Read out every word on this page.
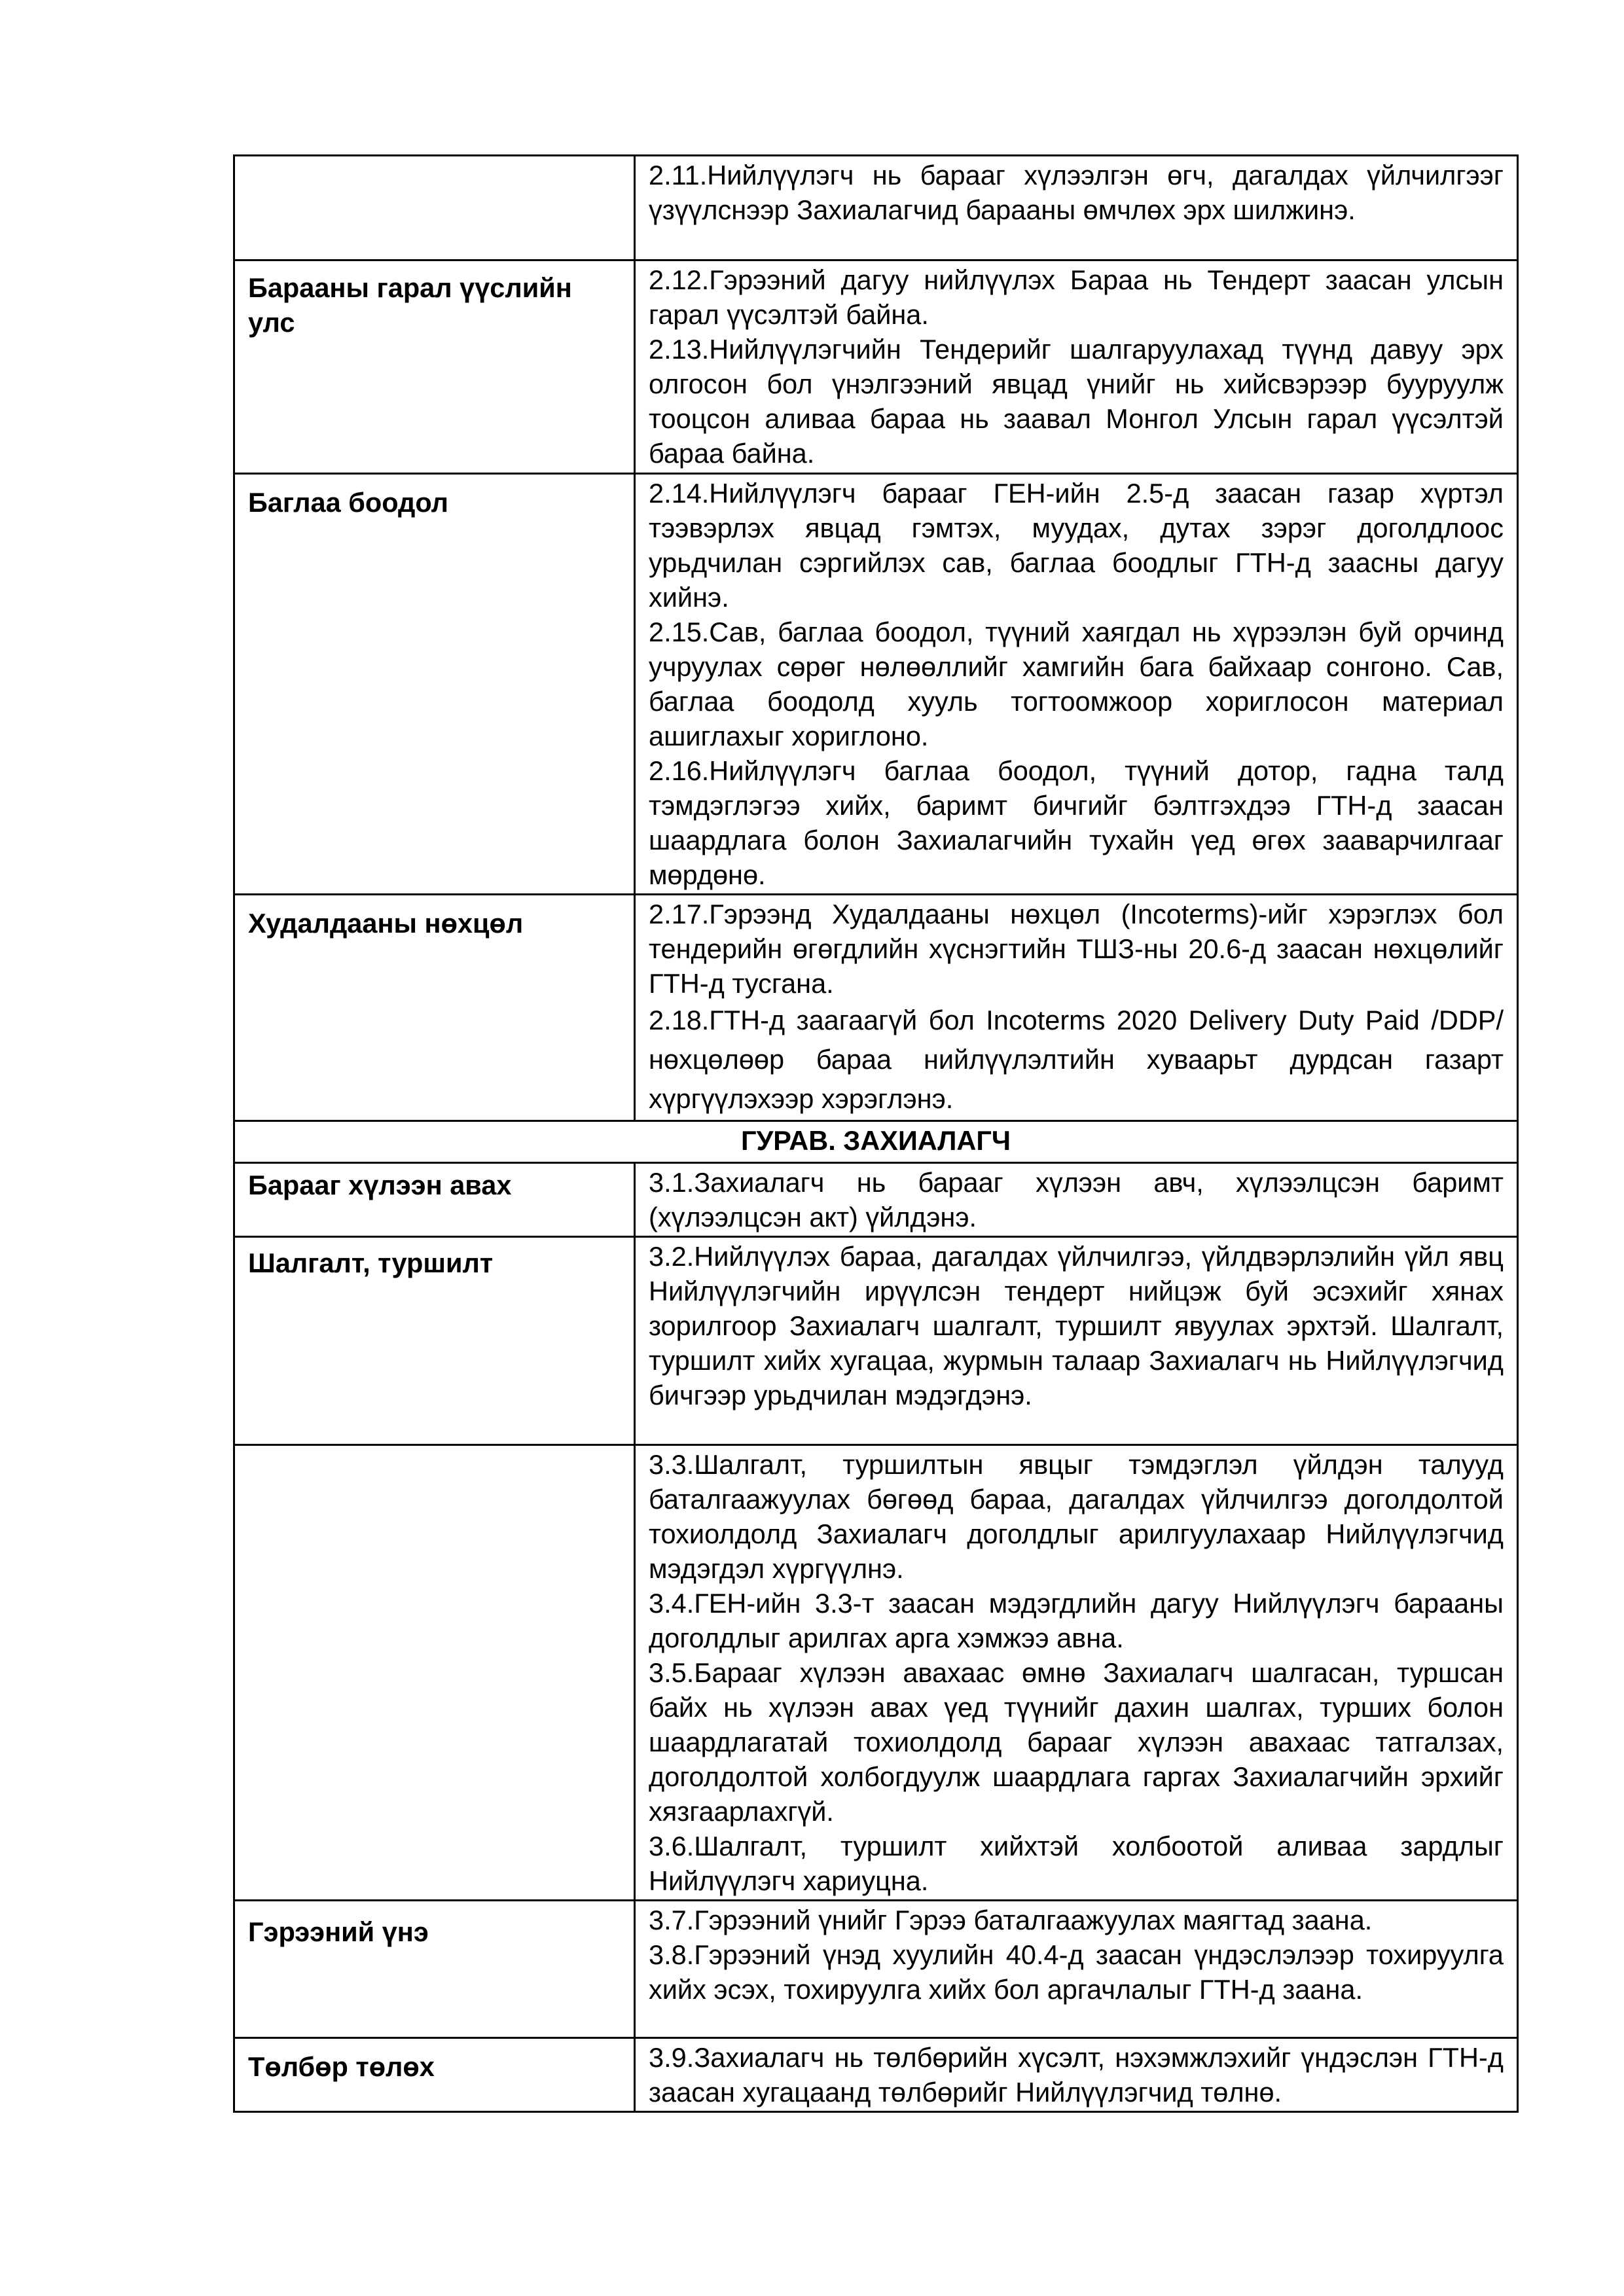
	2.11.Нийлүүлэгч нь барааг хүлээлгэн өгч, дагалдах үйлчилгээг үзүүлснээр Захиалагчид барааны өмчлөх эрх шилжинэ.

Барааны гарал үүслийн улс	2.12.Гэрээний дагуу нийлүүлэх Бараа нь Тендерт заасан улсын гарал үүсэлтэй байна.

2.13.Нийлүүлэгчийн Тендерийг шалгаруулахад түүнд давуу эрх олгосон бол үнэлгээний явцад үнийг нь хийсвэрээр бууруулж тооцсон аливаа бараа нь заавал Монгол Улсын гарал үүсэлтэй бараа байна.

Баглаа боодол	2.14.Нийлүүлэгч барааг ГЕН-ийн 2.5-д заасан газар хүртэл тээвэрлэх явцад гэмтэх, муудах, дутах зэрэг доголдлоос урьдчилан сэргийлэх сав, баглаа боодлыг ГТН-д заасны дагуу хийнэ.

2.15.Сав, баглаа боодол, түүний хаягдал нь хүрээлэн буй орчинд учруулах сөрөг нөлөөллийг хамгийн бага байхаар сонгоно. Сав, баглаа боодолд хууль тогтоомжоор хориглосон материал ашиглахыг хориглоно.

2.16.Нийлүүлэгч баглаа боодол, түүний дотор, гадна талд тэмдэглэгээ хийх, баримт бичгийг бэлтгэхдээ ГТН-д заасан шаардлага болон Захиалагчийн тухайн үед өгөх зааварчилгааг мөрдөнө.

Худалдааны нөхцөл	2.17.Гэрээнд Худалдааны нөхцөл (Incoterms)-ийг хэрэглэх бол тендерийн өгөгдлийн хүснэгтийн ТШЗ-ны 20.6-д заасан нөхцөлийг ГТН-д тусгана.

2.18.ГТН-д заагаагүй бол Incoterms 2020 Delivery Duty Paid /DDP/ нөхцөлөөр бараа нийлүүлэлтийн хуваарьт дурдсан газарт хүргүүлэхээр хэрэглэнэ.

ГУРАВ. ЗАХИАЛАГЧ	
Барааг хүлээн авах	3.1.Захиалагч нь барааг хүлээн авч, хүлээлцсэн баримт (хүлээлцсэн акт) үйлдэнэ.

Шалгалт, туршилт	3.2.Нийлүүлэх бараа, дагалдах үйлчилгээ, үйлдвэрлэлийн үйл явц Нийлүүлэгчийн ирүүлсэн тендерт нийцэж буй эсэхийг хянах зорилгоор Захиалагч шалгалт, туршилт явуулах эрхтэй. Шалгалт, туршилт хийх хугацаа, журмын талаар Захиалагч нь Нийлүүлэгчид бичгээр урьдчилан мэдэгдэнэ.

	3.3.Шалгалт, туршилтын явцыг тэмдэглэл үйлдэн талууд баталгаажуулах бөгөөд бараа, дагалдах үйлчилгээ доголдолтой тохиолдолд Захиалагч доголдлыг арилгуулахаар Нийлүүлэгчид мэдэгдэл хүргүүлнэ.

3.4.ГЕН-ийн 3.3-т заасан мэдэгдлийн дагуу Нийлүүлэгч барааны доголдлыг арилгах арга хэмжээ авна.

3.5.Барааг хүлээн авахаас өмнө Захиалагч шалгасан, туршсан байх нь хүлээн авах үед түүнийг дахин шалгах, турших болон шаардлагатай тохиолдолд барааг хүлээн авахаас татгалзах, доголдолтой холбогдуулж шаардлага гаргах Захиалагчийн эрхийг хязгаарлахгүй.

3.6.Шалгалт, туршилт хийхтэй холбоотой аливаа зардлыг Нийлүүлэгч хариуцна.

Гэрээний үнэ	3.7.Гэрээний үнийг Гэрээ баталгаажуулах маягтад заана.

3.8.Гэрээний үнэд хуулийн 40.4-д заасан үндэслэлээр тохируулга хийх эсэх, тохируулга хийх бол аргачлалыг ГТН-д заана.

Төлбөр төлөх	3.9.Захиалагч нь төлбөрийн хүсэлт, нэхэмжлэхийг үндэслэн ГТН-д заасан хугацаанд төлбөрийг Нийлүүлэгчид төлнө.
